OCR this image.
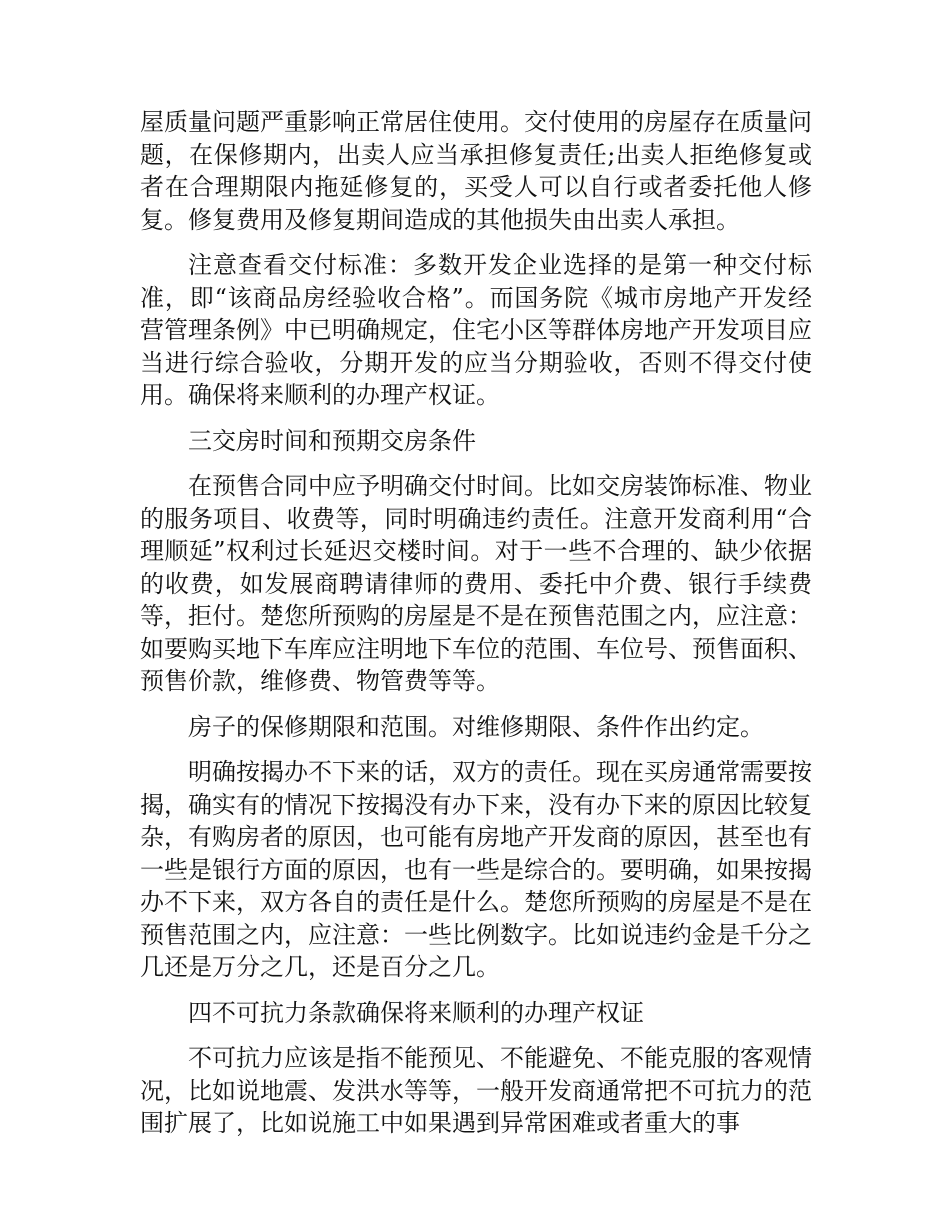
屋质量问题严重影响正常居住使用。交付使用的房屋存在质量问题，在保修期内，出卖人应当承担修复责任;出卖人拒绝修复或者在合理期限内拖延修复的，买受人可以自行或者委托他人修复。修复费用及修复期间造成的其他损失由出卖人承担。

注意查看交付标准：多数开发企业选择的是第一种交付标准，即“该商品房经验收合格”。而国务院《城市房地产开发经营管理条例》中已明确规定，住宅小区等群体房地产开发项目应当进行综合验收，分期开发的应当分期验收，否则不得交付使用。确保将来顺利的办理产权证。

三交房时间和预期交房条件

在预售合同中应予明确交付时间。比如交房装饰标准、物业的服务项目、收费等，同时明确违约责任。注意开发商利用“合理顺延”权利过长延迟交楼时间。对于一些不合理的、缺少依据的收费，如发展商聘请律师的费用、委托中介费、银行手续费等，拒付。楚您所预购的房屋是不是在预售范围之内，应注意：如要购买地下车库应注明地下车位的范围、车位号、预售面积、预售价款，维修费、物管费等等。

房子的保修期限和范围。对维修期限、条件作出约定。

明确按揭办不下来的话，双方的责任。现在买房通常需要按揭，确实有的情况下按揭没有办下来，没有办下来的原因比较复杂，有购房者的原因，也可能有房地产开发商的原因，甚至也有一些是银行方面的原因，也有一些是综合的。要明确，如果按揭办不下来，双方各自的责任是什么。楚您所预购的房屋是不是在预售范围之内，应注意：一些比例数字。比如说违约金是千分之几还是万分之几，还是百分之几。

四不可抗力条款确保将来顺利的办理产权证

不可抗力应该是指不能预见、不能避免、不能克服的客观情况，比如说地震、发洪水等等，一般开发商通常把不可抗力的范围扩展了，比如说施工中如果遇到异常困难或者重大的事
